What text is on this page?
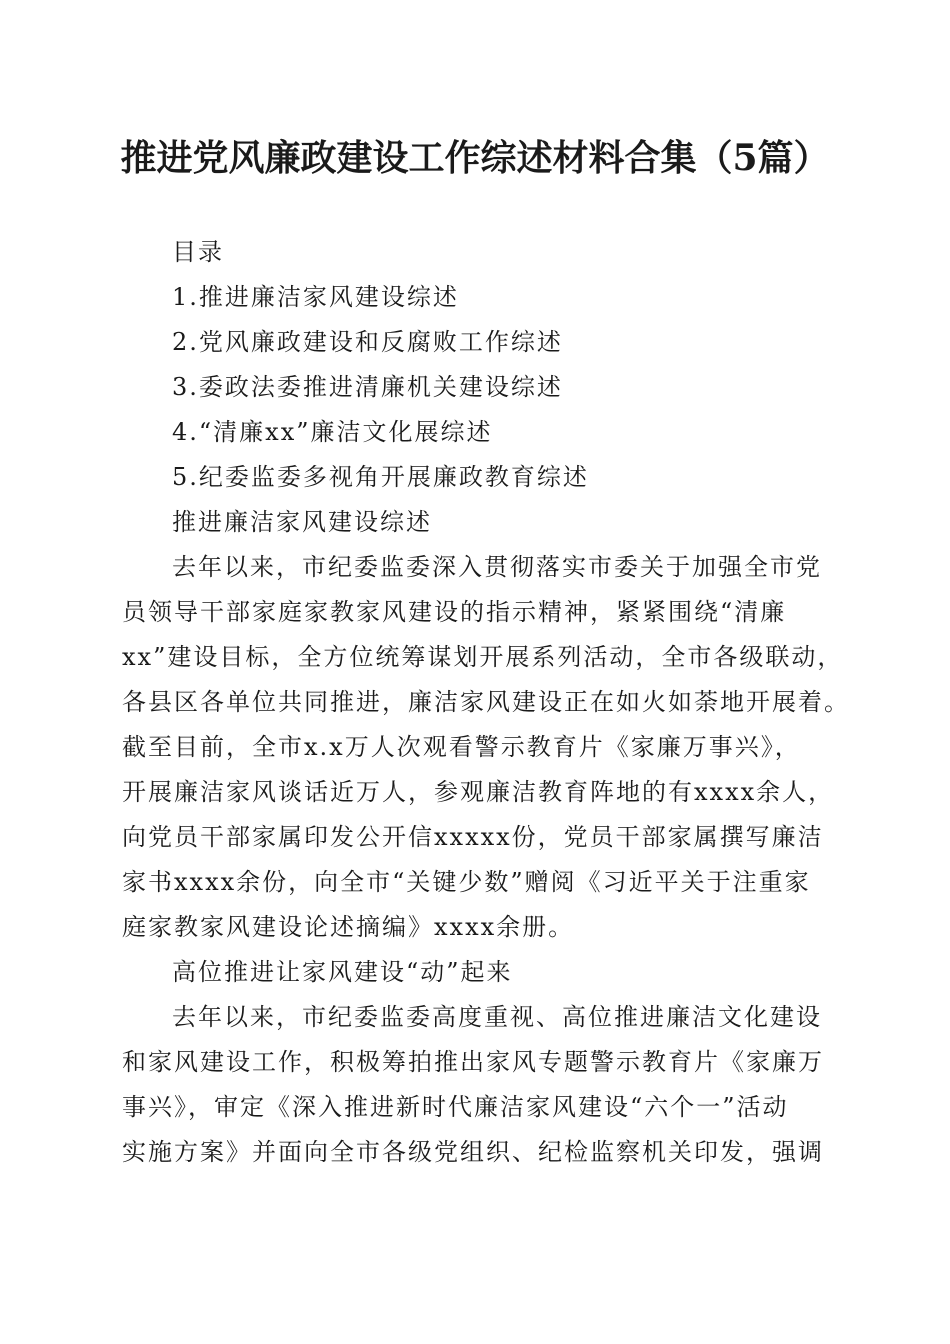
推进党风廉政建设工作综述材料合集（5篇）

目录

1.推进廉洁家风建设综述

2.党风廉政建设和反腐败工作综述

3.委政法委推进清廉机关建设综述

4.“清廉xx”廉洁文化展综述

5.纪委监委多视角开展廉政教育综述

推进廉洁家风建设综述

去年以来，市纪委监委深入贯彻落实市委关于加强全市党

员领导干部家庭家教家风建设的指示精神，紧紧围绕“清廉

xx”建设目标，全方位统筹谋划开展系列活动，全市各级联动，

各县区各单位共同推进，廉洁家风建设正在如火如荼地开展着。

截至目前，全市x.x万人次观看警示教育片《家廉万事兴》，

开展廉洁家风谈话近万人，参观廉洁教育阵地的有xxxx余人，

向党员干部家属印发公开信xxxxx份，党员干部家属撰写廉洁

家书xxxx余份，向全市“关键少数”赠阅《习近平关于注重家

庭家教家风建设论述摘编》xxxx余册。

高位推进让家风建设“动”起来

去年以来，市纪委监委高度重视、高位推进廉洁文化建设

和家风建设工作，积极筹拍推出家风专题警示教育片《家廉万

事兴》，审定《深入推进新时代廉洁家风建设“六个一”活动

实施方案》并面向全市各级党组织、纪检监察机关印发，强调
